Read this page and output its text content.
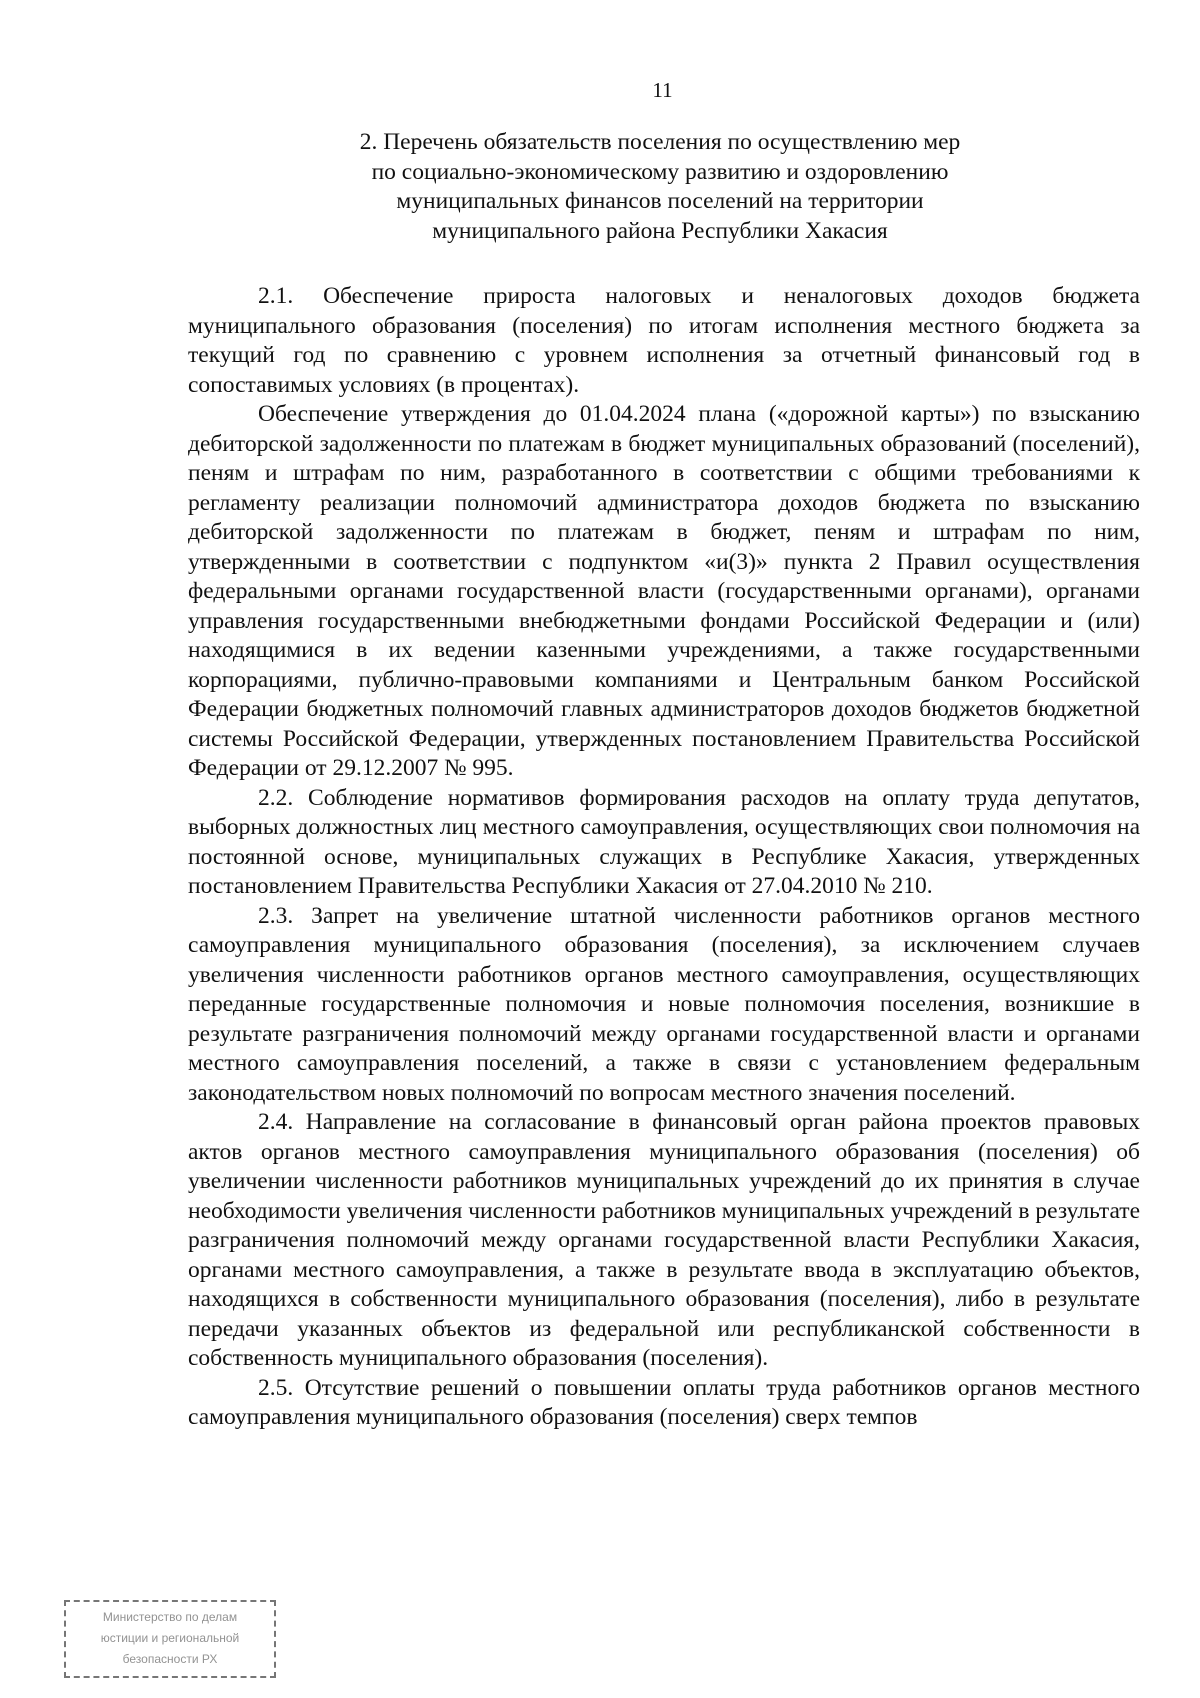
11
2. Перечень обязательств поселения по осуществлению мер
по социально-экономическому развитию и оздоровлению
муниципальных финансов поселений на территории
муниципального района Республики Хакасия

2.1. Обеспечение прироста налоговых и неналоговых доходов бюджета муниципального образования (поселения) по итогам исполнения местного бюджета за текущий год по сравнению с уровнем исполнения за отчетный финансовый год в сопоставимых условиях (в процентах).

Обеспечение утверждения до 01.04.2024 плана («дорожной карты») по взысканию дебиторской задолженности по платежам в бюджет муниципальных образований (поселений), пеням и штрафам по ним, разработанного в соответствии с общими требованиями к регламенту реализации полномочий администратора доходов бюджета по взысканию дебиторской задолженности по платежам в бюджет, пеням и штрафам по ним, утвержденными в соответствии с подпунктом «и(3)» пункта 2 Правил осуществления федеральными органами государственной власти (государственными органами), органами управления государственными внебюджетными фондами Российской Федерации и (или) находящимися в их ведении казенными учреждениями, а также государственными корпорациями, публично-правовыми компаниями и Центральным банком Российской Федерации бюджетных полномочий главных администраторов доходов бюджетов бюджетной системы Российской Федерации, утвержденных постановлением Правительства Российской Федерации от 29.12.2007 № 995.

2.2. Соблюдение нормативов формирования расходов на оплату труда депутатов, выборных должностных лиц местного самоуправления, осуществляющих свои полномочия на постоянной основе, муниципальных служащих в Республике Хакасия, утвержденных постановлением Правительства Республики Хакасия от 27.04.2010 № 210.

2.3. Запрет на увеличение штатной численности работников органов местного самоуправления муниципального образования (поселения), за исключением случаев увеличения численности работников органов местного самоуправления, осуществляющих переданные государственные полномочия и новые полномочия поселения, возникшие в результате разграничения полномочий между органами государственной власти и органами местного самоуправления поселений, а также в связи с установлением федеральным законодательством новых полномочий по вопросам местного значения поселений.

2.4. Направление на согласование в финансовый орган района проектов правовых актов органов местного самоуправления муниципального образования (поселения) об увеличении численности работников муниципальных учреждений до их принятия в случае необходимости увеличения численности работников муниципальных учреждений в результате разграничения полномочий между органами государственной власти Республики Хакасия, органами местного самоуправления, а также в результате ввода в эксплуатацию объектов, находящихся в собственности муниципального образования (поселения), либо в результате передачи указанных объектов из федеральной или республиканской собственности в собственность муниципального образования (поселения).

2.5. Отсутствие решений о повышении оплаты труда работников органов местного самоуправления муниципального образования (поселения) сверх темпов

Министерство по делам
юстиции и региональной
безопасности РХ
